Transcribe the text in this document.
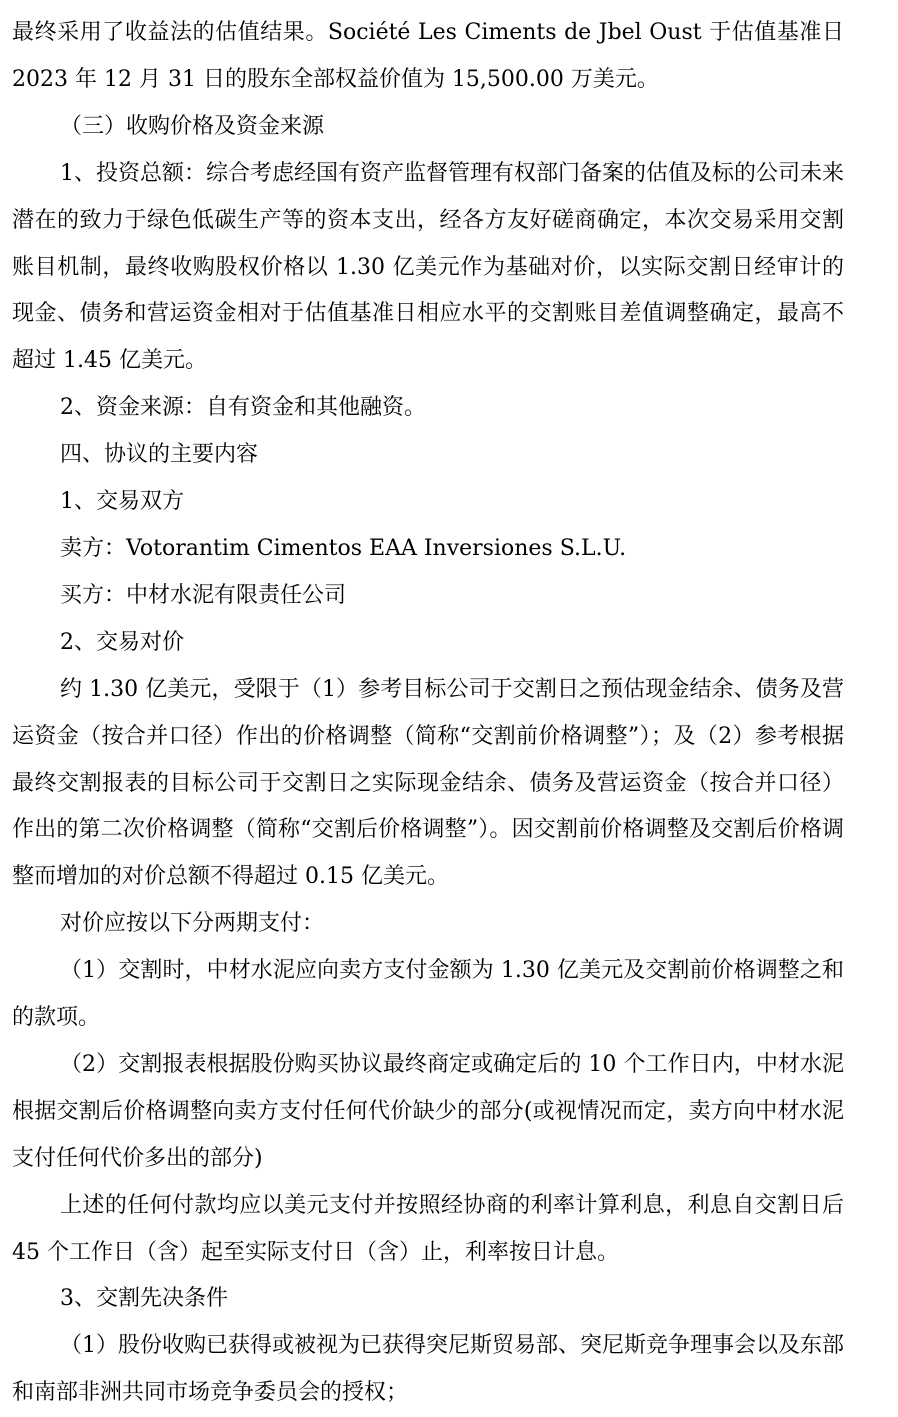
最终采用了收益法的估值结果。Société Les Ciments de Jbel Oust 于估值基准日 2023 年 12 月 31 日的股东全部权益价值为 15,500.00 万美元。

（三）收购价格及资金来源

1、投资总额：综合考虑经国有资产监督管理有权部门备案的估值及标的公司未来潜在的致力于绿色低碳生产等的资本支出，经各方友好磋商确定，本次交易采用交割账目机制，最终收购股权价格以 1.30 亿美元作为基础对价，以实际交割日经审计的现金、债务和营运资金相对于估值基准日相应水平的交割账目差值调整确定，最高不超过 1.45 亿美元。

2、资金来源：自有资金和其他融资。

四、协议的主要内容

1、交易双方

卖方：Votorantim Cimentos EAA Inversiones S.L.U.

买方：中材水泥有限责任公司

2、交易对价

约 1.30 亿美元，受限于（1）参考目标公司于交割日之预估现金结余、债务及营运资金（按合并口径）作出的价格调整（简称“交割前价格调整”）；及（2）参考根据最终交割报表的目标公司于交割日之实际现金结余、债务及营运资金（按合并口径）作出的第二次价格调整（简称“交割后价格调整”）。因交割前价格调整及交割后价格调整而增加的对价总额不得超过 0.15 亿美元。

对价应按以下分两期支付：

（1）交割时，中材水泥应向卖方支付金额为 1.30 亿美元及交割前价格调整之和的款项。

（2）交割报表根据股份购买协议最终商定或确定后的 10 个工作日内，中材水泥根据交割后价格调整向卖方支付任何代价缺少的部分(或视情况而定，卖方向中材水泥支付任何代价多出的部分)

上述的任何付款均应以美元支付并按照经协商的利率计算利息，利息自交割日后 45 个工作日（含）起至实际支付日（含）止，利率按日计息。

3、交割先决条件

（1）股份收购已获得或被视为已获得突尼斯贸易部、突尼斯竞争理事会以及东部和南部非洲共同市场竞争委员会的授权；
